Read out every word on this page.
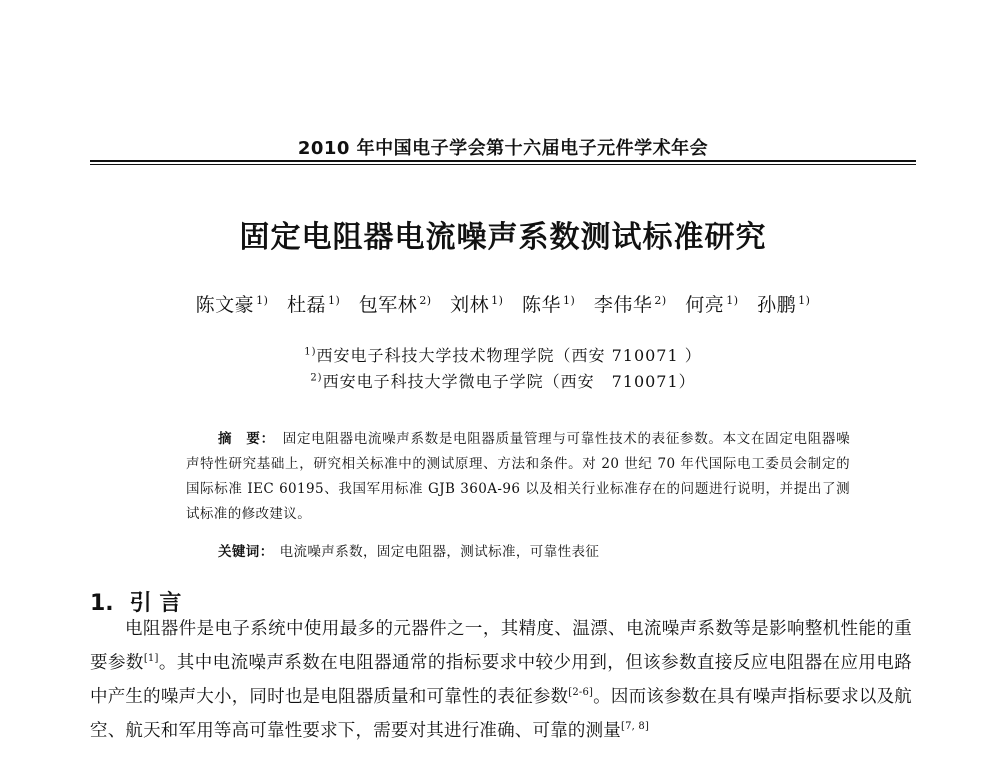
2010 年中国电子学会第十六届电子元件学术年会
固定电阻器电流噪声系数测试标准研究
陈文豪 $^{1)}$ 杜磊 $^{1)}$ 包军林 $^{2)}$ 刘林 $^{1)}$ 陈华 $^{1)}$ 李伟华 $^{2)}$ 何亮 $^{1)}$ 孙鹏 $^{1)}$
$^{1)}$西安电子科技大学技术物理学院（西安 710071 ）
$^{2)}$西安电子科技大学微电子学院（西安　710071）
摘　要： 固定电阻器电流噪声系数是电阻器质量管理与可靠性技术的表征参数。本文在固定电阻器噪声特性研究基础上，研究相关标准中的测试原理、方法和条件。对 20 世纪 70 年代国际电工委员会制定的国际标准 IEC 60195、我国军用标准 GJB 360A-96 以及相关行业标准存在的问题进行说明，并提出了测试标准的修改建议。
关键词： 电流噪声系数，固定电阻器，测试标准，可靠性表征
1. 引 言

电阻器件是电子系统中使用最多的元器件之一，其精度、温漂、电流噪声系数等是影响整机性能的重要参数[1]。其中电流噪声系数在电阻器通常的指标要求中较少用到，但该参数直接反应电阻器在应用电路中产生的噪声大小，同时也是电阻器质量和可靠性的表征参数[2-6]。因而该参数在具有噪声指标要求以及航空、航天和军用等高可靠性要求下，需要对其进行准确、可靠的测量[7, 8]
